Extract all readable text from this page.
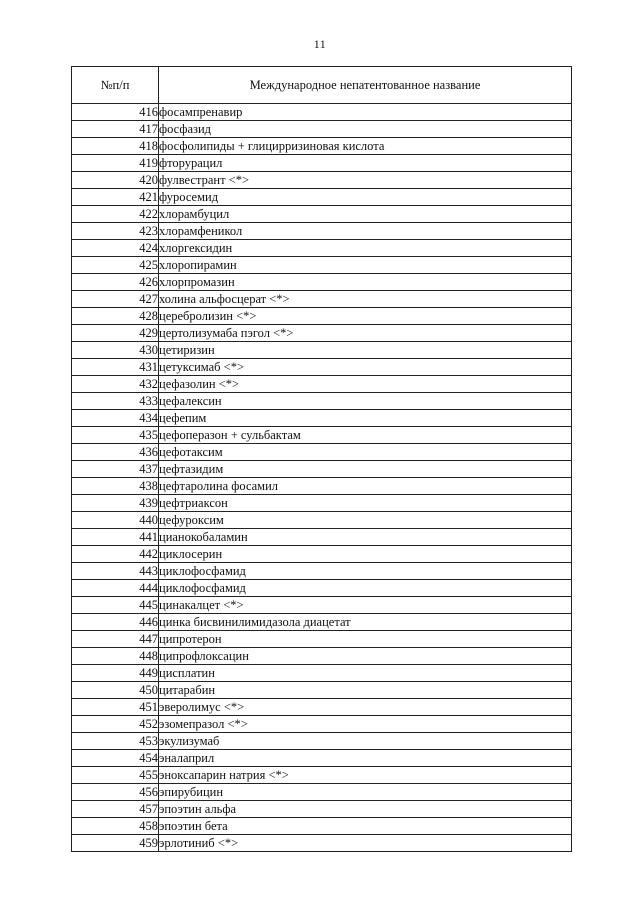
11
№п/п	Международное непатентованное название
416	фосампренавир
417	фосфазид
418	фосфолипиды + глицирризиновая кислота
419	фторурацил
420	фулвестрант <*>
421	фуросемид
422	хлорамбуцил
423	хлорамфеникол
424	хлоргексидин
425	хлоропирамин
426	хлорпромазин
427	холина альфосцерат <*>
428	церебролизин <*>
429	цертолизумаба пэгол <*>
430	цетиризин
431	цетуксимаб <*>
432	цефазолин <*>
433	цефалексин
434	цефепим
435	цефоперазон + сульбактам
436	цефотаксим
437	цефтазидим
438	цефтаролина фосамил
439	цефтриаксон
440	цефуроксим
441	цианокобаламин
442	циклосерин
443	циклофосфамид
444	циклофосфамид
445	цинакалцет <*>
446	цинка бисвинилимидазола диацетат
447	ципротерон
448	ципрофлоксацин
449	цисплатин
450	цитарабин
451	эверолимус <*>
452	эзомепразол <*>
453	экулизумаб
454	эналаприл
455	эноксапарин натрия <*>
456	эпирубицин
457	эпоэтин альфа
458	эпоэтин бета
459	эрлотиниб <*>
